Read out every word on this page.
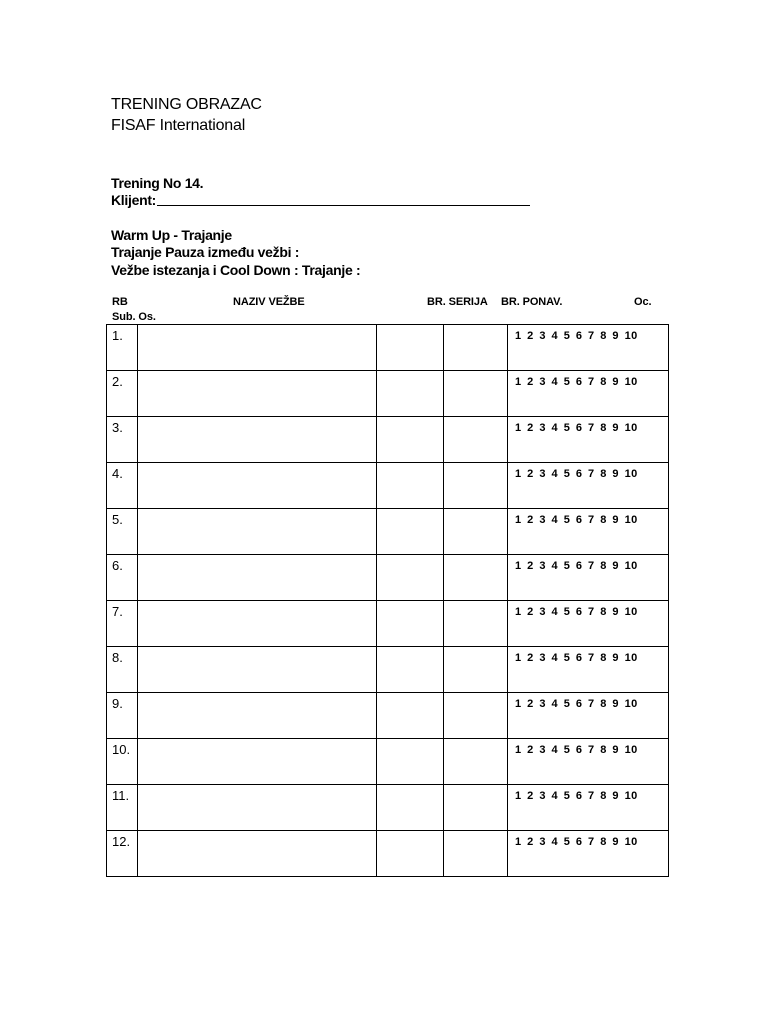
TRENING OBRAZAC
FISAF International
Trening No 14.
Klijent:
Warm Up - Trajanje
Trajanje Pauza između vežbi :
Vežbe istezanja i Cool Down : Trajanje :
RB	NAZIV VEŽBE	BR. SERIJA BR. PONAV.	Oc.
Sub. Os.
1.				1 2 3 4 5 6 7 8 9 10

2.				1 2 3 4 5 6 7 8 9 10

3.				1 2 3 4 5 6 7 8 9 10

4.				1 2 3 4 5 6 7 8 9 10

5.				1 2 3 4 5 6 7 8 9 10

6.				1 2 3 4 5 6 7 8 9 10

7.				1 2 3 4 5 6 7 8 9 10

8.				1 2 3 4 5 6 7 8 9 10

9.				1 2 3 4 5 6 7 8 9 10

10.				1 2 3 4 5 6 7 8 9 10

11.				1 2 3 4 5 6 7 8 9 10

12.				1 2 3 4 5 6 7 8 9 10
